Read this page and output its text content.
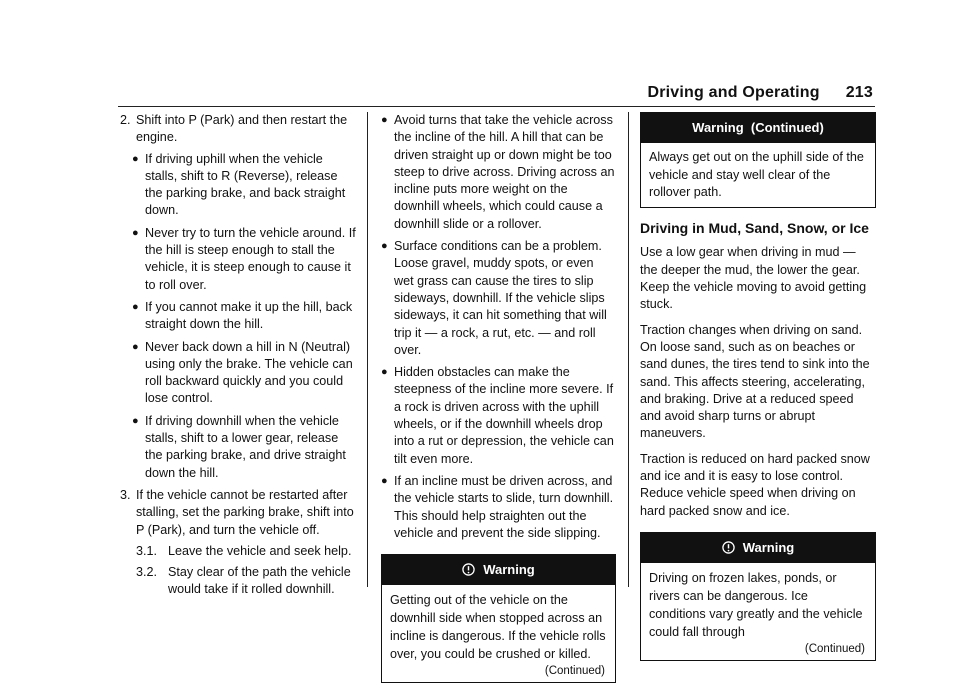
Driving and Operating 213
2. Shift into P (Park) and then restart the engine.
● If driving uphill when the vehicle stalls, shift to R (Reverse), release the parking brake, and back straight down.
● Never try to turn the vehicle around. If the hill is steep enough to stall the vehicle, it is steep enough to cause it to roll over.
● If you cannot make it up the hill, back straight down the hill.
● Never back down a hill in N (Neutral) using only the brake. The vehicle can roll backward quickly and you could lose control.
● If driving downhill when the vehicle stalls, shift to a lower gear, release the parking brake, and drive straight down the hill.
3. If the vehicle cannot be restarted after stalling, set the parking brake, shift into P (Park), and turn the vehicle off.
3.1. Leave the vehicle and seek help.
3.2. Stay clear of the path the vehicle would take if it rolled downhill.
● Avoid turns that take the vehicle across the incline of the hill. A hill that can be driven straight up or down might be too steep to drive across. Driving across an incline puts more weight on the downhill wheels, which could cause a downhill slide or a rollover.
● Surface conditions can be a problem. Loose gravel, muddy spots, or even wet grass can cause the tires to slip sideways, downhill. If the vehicle slips sideways, it can hit something that will trip it — a rock, a rut, etc. — and roll over.
● Hidden obstacles can make the steepness of the incline more severe. If a rock is driven across with the uphill wheels, or if the downhill wheels drop into a rut or depression, the vehicle can tilt even more.
● If an incline must be driven across, and the vehicle starts to slide, turn downhill. This should help straighten out the vehicle and prevent the side slipping.
Warning

Getting out of the vehicle on the downhill side when stopped across an incline is dangerous. If the vehicle rolls over, you could be crushed or killed.

(Continued)
Warning  (Continued)

Always get out on the uphill side of the vehicle and stay well clear of the rollover path.

Driving in Mud, Sand, Snow, or Ice

Use a low gear when driving in mud — the deeper the mud, the lower the gear. Keep the vehicle moving to avoid getting stuck.

Traction changes when driving on sand. On loose sand, such as on beaches or sand dunes, the tires tend to sink into the sand. This affects steering, accelerating, and braking. Drive at a reduced speed and avoid sharp turns or abrupt maneuvers.

Traction is reduced on hard packed snow and ice and it is easy to lose control. Reduce vehicle speed when driving on hard packed snow and ice.

Warning

Driving on frozen lakes, ponds, or rivers can be dangerous. Ice conditions vary greatly and the vehicle could fall through

(Continued)
